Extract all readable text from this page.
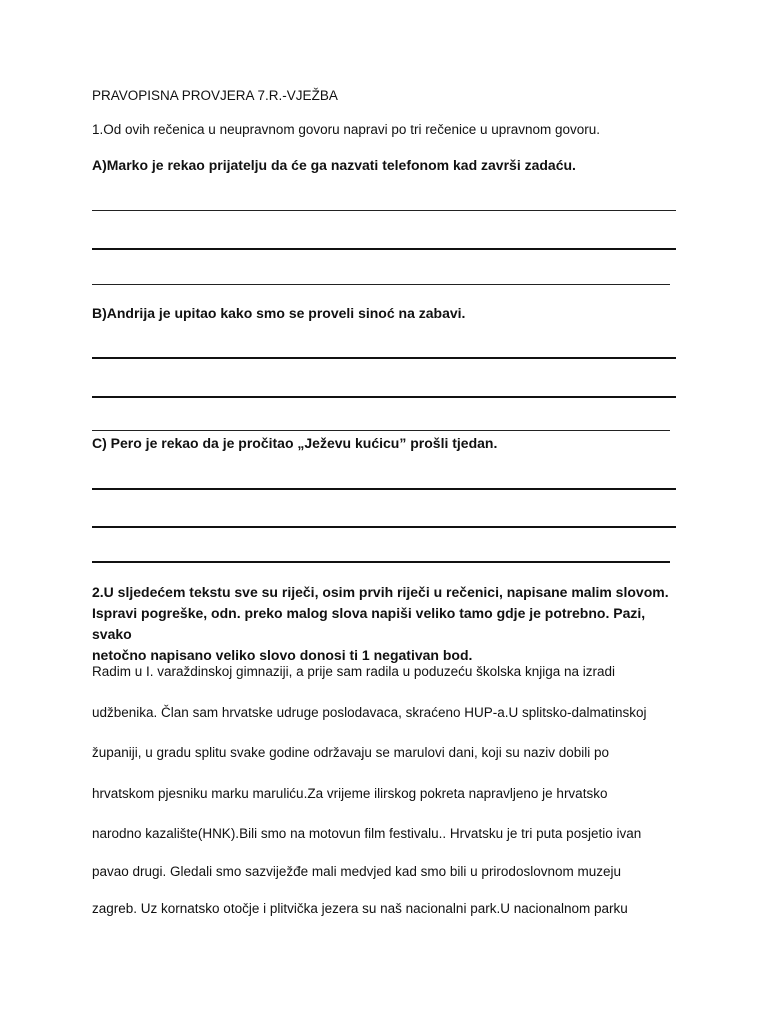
PRAVOPISNA PROVJERA 7.R.-VJEŽBA
1.Od ovih rečenica u neupravnom govoru napravi po tri rečenice u upravnom govoru.
A)Marko je rekao prijatelju da će ga nazvati telefonom kad završi zadaću.
B)Andrija je upitao kako smo se proveli sinoć na zabavi.
C) Pero je rekao da je pročitao „Ježevu kućicu” prošli tjedan.
2.U sljedećem tekstu sve su riječi, osim prvih riječi u rečenici, napisane malim slovom.
Ispravi pogreške, odn. preko malog slova napiši veliko tamo gdje je potrebno. Pazi, svako
netočno napisano veliko slovo donosi ti 1 negativan bod.
Radim u I. varaždinskoj gimnaziji, a prije sam radila u poduzeću školska knjiga na izradi
udžbenika. Član sam hrvatske udruge poslodavaca, skraćeno HUP-a.U splitsko-dalmatinskoj
županiji, u gradu splitu svake godine održavaju se marulovi dani, koji su naziv dobili po
hrvatskom pjesniku marku maruliću.Za vrijeme ilirskog pokreta napravljeno je hrvatsko
narodno kazalište(HNK).Bili smo na motovun film festivalu.. Hrvatsku je tri puta posjetio ivan
pavao drugi. Gledali smo sazviježđe mali medvjed kad smo bili u prirodoslovnom muzeju
zagreb. Uz kornatsko otočje i plitvička jezera su naš nacionalni park.U nacionalnom parku
